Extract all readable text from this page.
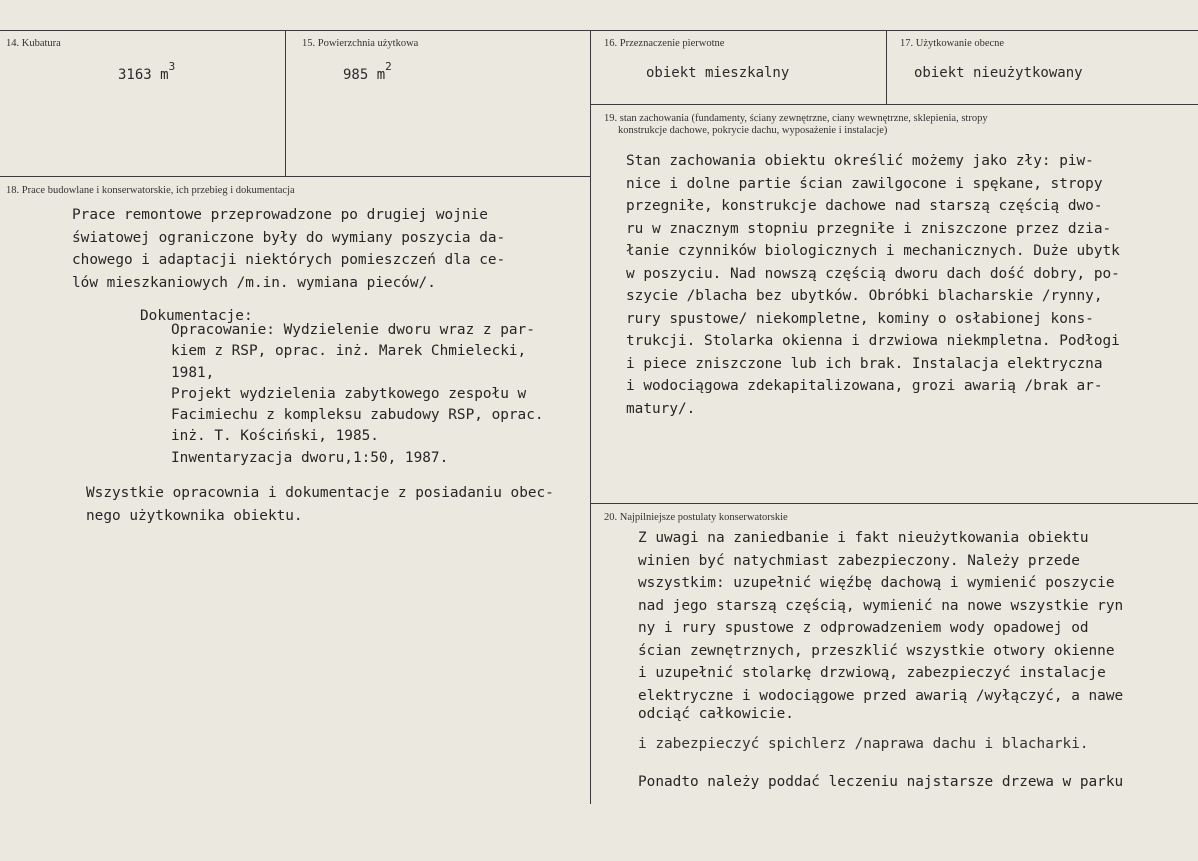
14. Kubatura
3163 $m^3$
15. Powierzchnia użytkowa
985 $m^2$
16. Przeznaczenie pierwotne
obiekt mieszkalny
17. Użytkowanie obecne
obiekt nieużytkowany
18. Prace budowlane i konserwatorskie, ich przebieg i dokumentacja
Prace remontowe przeprowadzone po drugiej wojnie
światowej ograniczone były do wymiany poszycia da-
chowego i adaptacji niektórych pomieszczeń dla ce-
lów mieszkaniowych /m.in. wymiana pieców/.
Dokumentacje:
Opracowanie: Wydzielenie dworu wraz z par-
kiem z RSP, oprac. inż. Marek Chmielecki,
1981,
Projekt wydzielenia zabytkowego zespołu w
Facimiechu z kompleksu zabudowy RSP, oprac.
inż. T. Kościński, 1985.
Inwentaryzacja dworu,1:50, 1987.
Wszystkie opracownia i dokumentacje z posiadaniu obec-
nego użytkownika obiektu.
19. stan zachowania (fundamenty, ściany zewnętrzne, ciany wewnętrzne, sklepienia, stropy
konstrukcje dachowe, pokrycie dachu, wyposażenie i instalacje)
Stan zachowania obiektu określić możemy jako zły: piw-
nice i dolne partie ścian zawilgocone i spękane, stropy
przegniłe, konstrukcje dachowe nad starszą częścią dwo-
ru w znacznym stopniu przegniłe i zniszczone przez dzia-
łanie czynników biologicznych i mechanicznych. Duże ubytk
w poszyciu. Nad nowszą częścią dworu dach dość dobry, po-
szycie /blacha bez ubytków. Obróbki blacharskie /rynny,
rury spustowe/ niekompletne, kominy o osłabionej kons-
trukcji. Stolarka okienna i drzwiowa niekmpletna. Podłogi
i piece zniszczone lub ich brak. Instalacja elektryczna
i wodociągowa zdekapitalizowana, grozi awarią /brak ar-
matury/.
20. Najpilniejsze postulaty konserwatorskie
Z uwagi na zaniedbanie i fakt nieużytkowania obiektu
winien być natychmiast zabezpieczony. Należy przede
wszystkim: uzupełnić więźbę dachową i wymienić poszycie
nad jego starszą częścią, wymienić na nowe wszystkie ryn
ny i rury spustowe z odprowadzeniem wody opadowej od
ścian zewnętrznych, przeszklić wszystkie otwory okienne
i uzupełnić stolarkę drzwiową, zabezpieczyć instalacje
elektryczne i wodociągowe przed awarią /wyłączyć, a nawe
odciąć całkowicie.

Ponadto należy poddać leczeniu najstarsze drzewa w parku

i zabezpieczyć spichlerz /naprawa dachu i blacharki.
